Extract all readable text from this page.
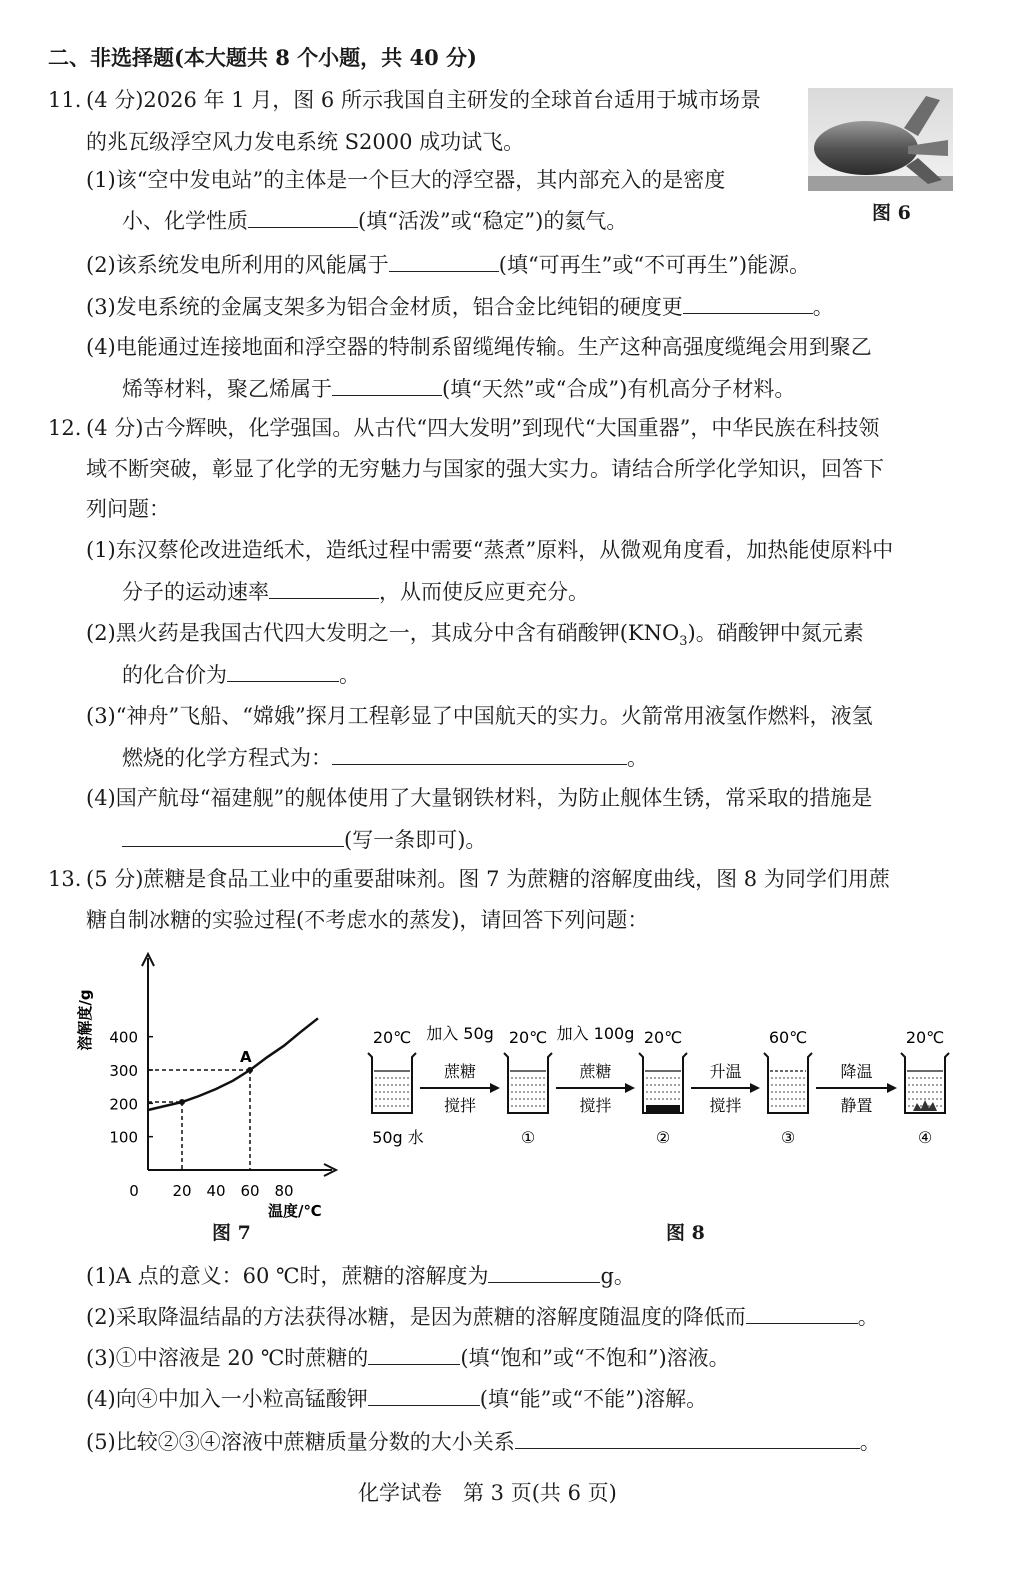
二、非选择题(本大题共 8 个小题，共 40 分)
11. (4 分)2026 年 1 月，图 6 所示我国自主研发的全球首台适用于城市场景
的兆瓦级浮空风力发电系统 S2000 成功试飞。
(1)该“空中发电站”的主体是一个巨大的浮空器，其内部充入的是密度
小、化学性质	(填“活泼”或“稳定”)的氦气。	图 6
(2)该系统发电所利用的风能属于	(填“可再生”或“不可再生”)能源。
(3)发电系统的金属支架多为铝合金材质，铝合金比纯铝的硬度更	。
(4)电能通过连接地面和浮空器的特制系留缆绳传输。生产这种高强度缆绳会用到聚乙
烯等材料，聚乙烯属于	(填“天然”或“合成”)有机高分子材料。
12. (4 分)古今辉映，化学强国。从古代“四大发明”到现代“大国重器”，中华民族在科技领
域不断突破，彰显了化学的无穷魅力与国家的强大实力。请结合所学化学知识，回答下
列问题：
(1)东汉蔡伦改进造纸术，造纸过程中需要“蒸煮”原料，从微观角度看，加热能使原料中
分子的运动速率	，从而使反应更充分。
(2)黑火药是我国古代四大发明之一，其成分中含有硝酸钾$(KNO_3)$。硝酸钾中氮元素
的化合价为	。
(3)“神舟”飞船、“嫦娥”探月工程彰显了中国航天的实力。火箭常用液氢作燃料，液氢
燃烧的化学方程式为：	。
(4)国产航母“福建舰”的舰体使用了大量钢铁材料，为防止舰体生锈，常采取的措施是
(写一条即可)。
13. (5 分)蔗糖是食品工业中的重要甜味剂。图 7 为蔗糖的溶解度曲线，图 8 为同学们用蔗
糖自制冰糖的实验过程(不考虑水的蒸发)，请回答下列问题：
100
200
300
400
0 20 40 60 80
溶解度/g
温度/℃
A
图 7
20℃
50g 水
20℃
①
20℃
②
60℃
③
20℃
④
加入 50g
蔗糖
搅拌
加入 100g
蔗糖
搅拌
升温
搅拌
降温
静置
图 8
(1)A 点的意义：60 ℃时，蔗糖的溶解度为	g。
(2)采取降温结晶的方法获得冰糖，是因为蔗糖的溶解度随温度的降低而	。
(3)①中溶液是 20 ℃时蔗糖的	(填“饱和”或“不饱和”)溶液。
(4)向④中加入一小粒高锰酸钾	(填“能”或“不能”)溶解。
(5)比较②③④溶液中蔗糖质量分数的大小关系	。
化学试卷　第 3 页(共 6 页)
